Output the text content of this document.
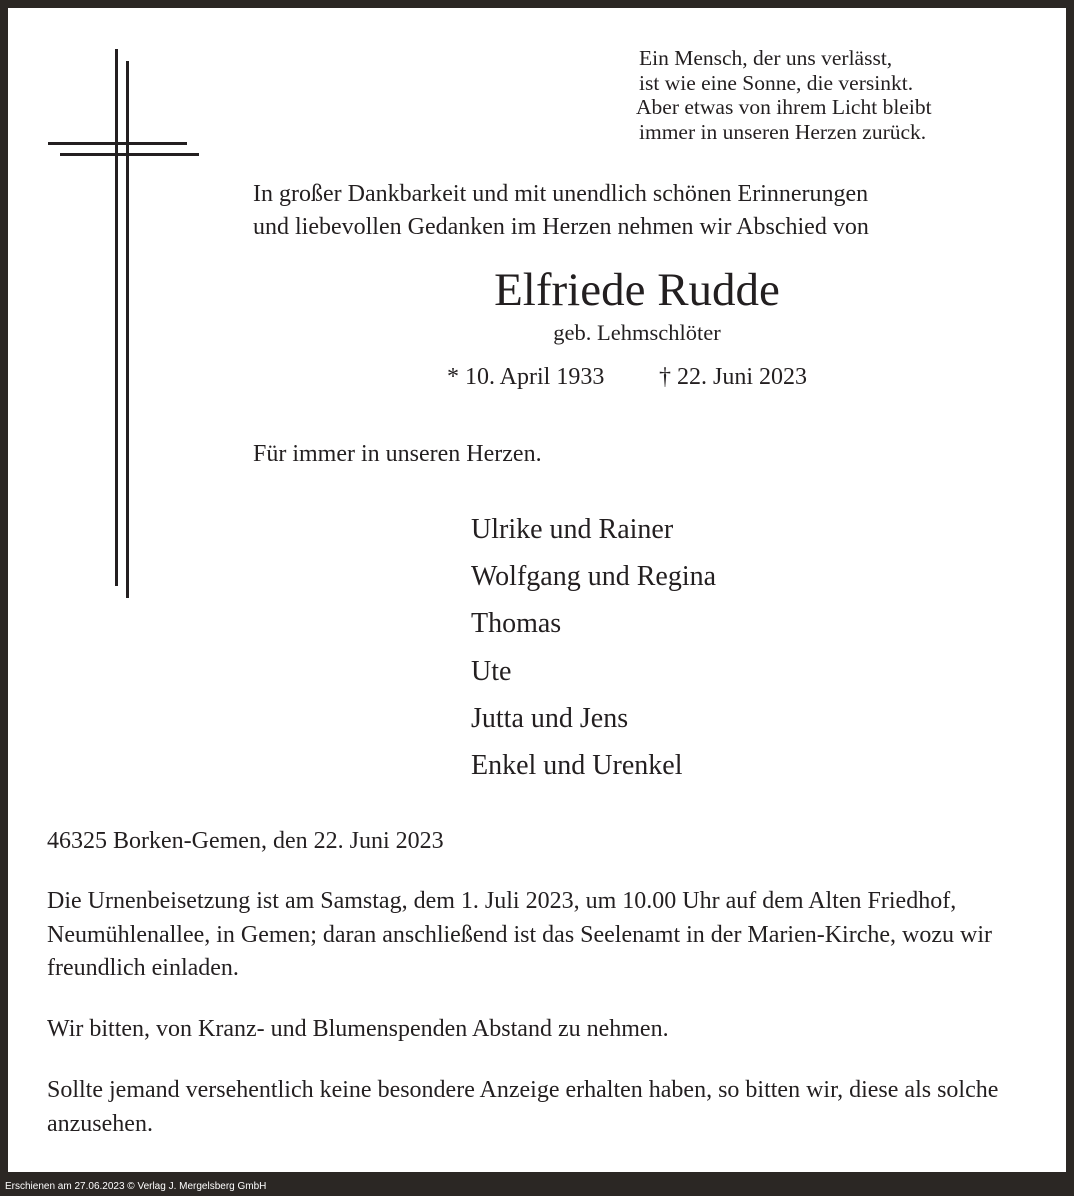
Ein Mensch, der uns verlässt,
ist wie eine Sonne, die versinkt.
Aber etwas von ihrem Licht bleibt
immer in unseren Herzen zurück.
In großer Dankbarkeit und mit unendlich schönen Erinnerungen
und liebevollen Gedanken im Herzen nehmen wir Abschied von
Elfriede Rudde
geb. Lehmschlöter
* 10. April 1933 † 22. Juni 2023
Für immer in unseren Herzen.
Ulrike und Rainer
Wolfgang und Regina
Thomas
Ute
Jutta und Jens
Enkel und Urenkel
46325 Borken-Gemen, den 22. Juni 2023
Die Urnenbeisetzung ist am Samstag, dem 1. Juli 2023, um 10.00 Uhr auf dem Alten Friedhof, Neumühlenallee, in Gemen; daran anschließend ist das Seelenamt in der Marien-Kirche, wozu wir freundlich einladen.
Wir bitten, von Kranz- und Blumenspenden Abstand zu nehmen.
Sollte jemand versehentlich keine besondere Anzeige erhalten haben, so bitten wir, diese als solche anzusehen.
Erschienen am 27.06.2023 © Verlag J. Mergelsberg GmbH
